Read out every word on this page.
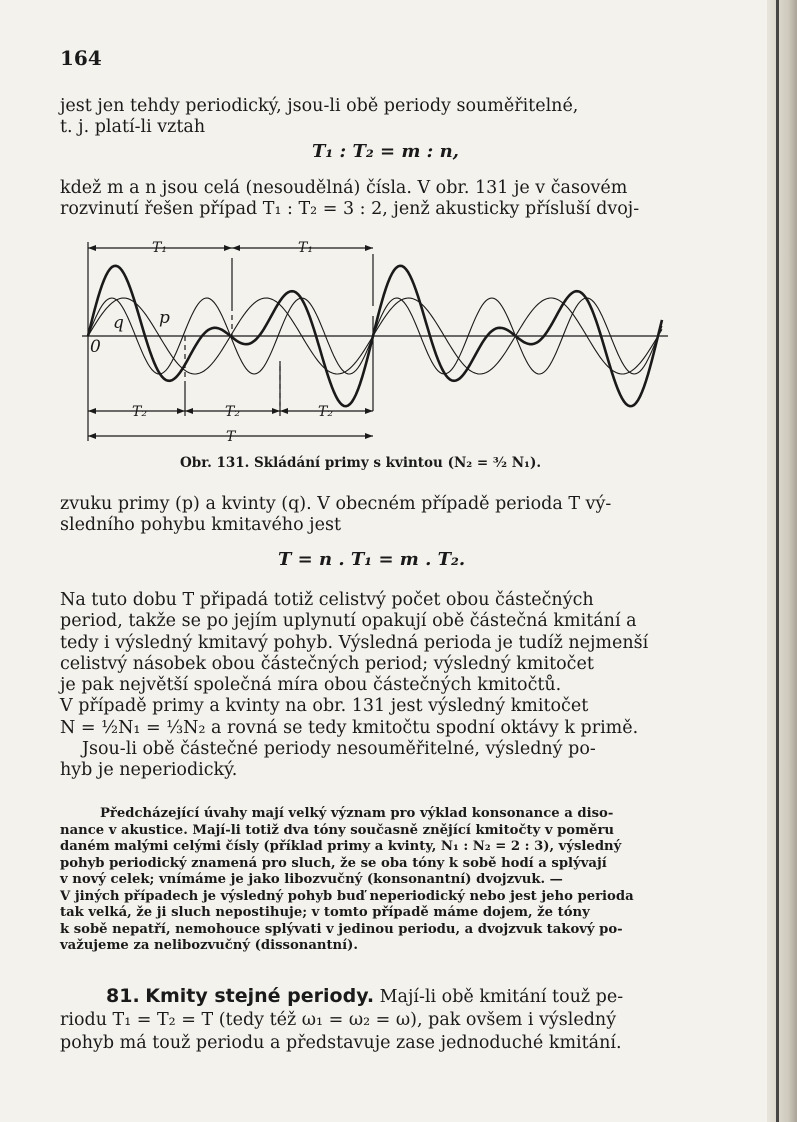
164
jest jen tehdy periodický, jsou-li obě periody souměřitelné,
t. j. platí-li vztah
T₁ : T₂ = m : n,
kdež m a n jsou celá (nesoudělná) čísla. V obr. 131 je v časovém
rozvinutí řešen případ T₁ : T₂ = 3 : 2, jenž akusticky přísluší dvoj-
T₁	T₁
T₂	T₂	T₂
T
q p
0
Obr. 131. Skládání primy s kvintou (N₂ = ³⁄₂ N₁).
zvuku primy (p) a kvinty (q). V obecném případě perioda T vý-
sledního pohybu kmitavého jest
T = n . T₁ = m . T₂.
Na tuto dobu T připadá totiž celistvý počet obou částečných
period, takže se po jejím uplynutí opakují obě částečná kmitání a
tedy i výsledný kmitavý pohyb. Výsledná perioda je tudíž nejmenší
celistvý násobek obou částečných period; výsledný kmitočet
je pak největší společná míra obou částečných kmitočtů.
V případě primy a kvinty na obr. 131 jest výsledný kmitočet
N = ½N₁ = ⅓N₂ a rovná se tedy kmitočtu spodní oktávy k primě.
Jsou-li obě částečné periody nesouměřitelné, výsledný po-
hyb je neperiodický.
Předcházející úvahy mají velký význam pro výklad konsonance a diso-
nance v akustice. Mají-li totiž dva tóny současně znějící kmitočty v poměru
daném malými celými čísly (příklad primy a kvinty, N₁ : N₂ = 2 : 3), výsledný
pohyb periodický znamená pro sluch, že se oba tóny k sobě hodí a splývají
v nový celek; vnímáme je jako libozvučný (konsonantní) dvojzvuk. —
V jiných případech je výsledný pohyb buď neperiodický nebo jest jeho perioda
tak velká, že ji sluch nepostihuje; v tomto případě máme dojem, že tóny
k sobě nepatří, nemohouce splývati v jedinou periodu, a dvojzvuk takový po-
važujeme za nelibozvučný (dissonantní).
81. Kmity stejné periody. Mají-li obě kmitání touž pe-
riodu T₁ = T₂ = T (tedy též ω₁ = ω₂ = ω), pak ovšem i výsledný
pohyb má touž periodu a představuje zase jednoduché kmitání.
